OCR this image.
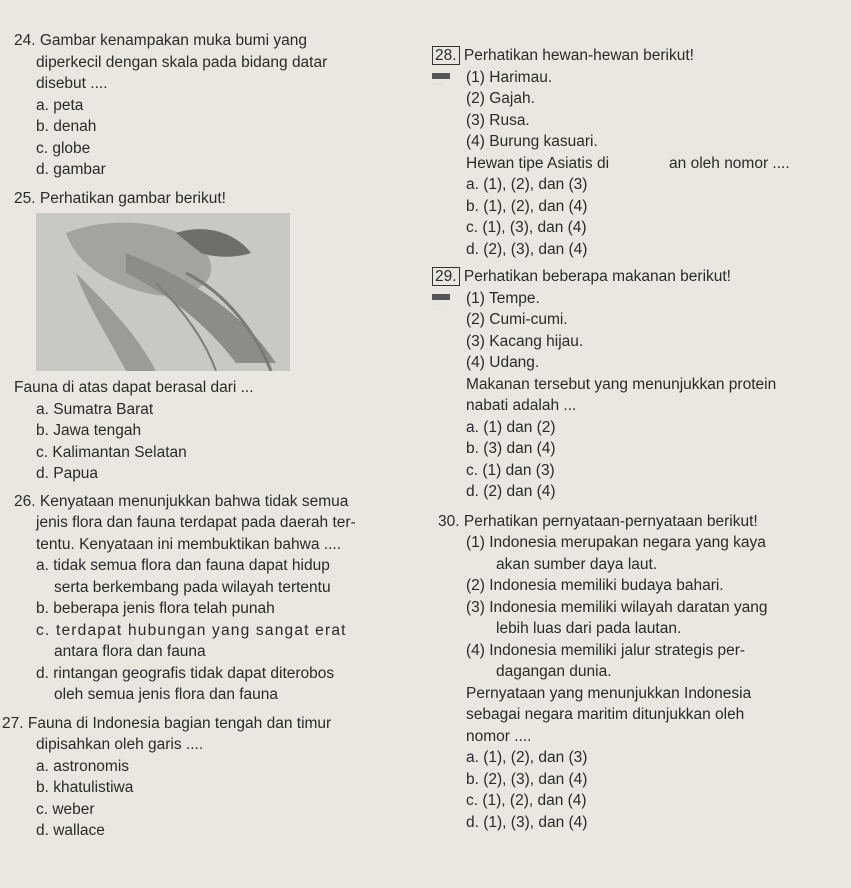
24. Gambar kenampakan muka bumi yang
diperkecil dengan skala pada bidang datar
disebut ....
a. peta
b. denah
c. globe
d. gambar
25. Perhatikan gambar berikut!
Fauna di atas dapat berasal dari ...
a. Sumatra Barat
b. Jawa tengah
c. Kalimantan Selatan
d. Papua
26. Kenyataan menunjukkan bahwa tidak semua
jenis flora dan fauna terdapat pada daerah ter-
tentu. Kenyataan ini membuktikan bahwa ....
a. tidak semua flora dan fauna dapat hidup
serta berkembang pada wilayah tertentu
b. beberapa jenis flora telah punah
c. terdapat hubungan yang sangat erat
antara flora dan fauna
d. rintangan geografis tidak dapat diterobos
oleh semua jenis flora dan fauna
27. Fauna di Indonesia bagian tengah dan timur
dipisahkan oleh garis ....
a. astronomis
b. khatulistiwa
c. weber
d. wallace
28. Perhatikan hewan-hewan berikut!
HOTS	(1) Harimau.
(2) Gajah.
(3) Rusa.
(4) Burung kasuari.
Hewan tipe Asiatis di	an oleh nomor ....
a. (1), (2), dan (3)
b. (1), (2), dan (4)
c. (1), (3), dan (4)
d. (2), (3), dan (4)
29. Perhatikan beberapa makanan berikut!
HOTS	(1) Tempe.
(2) Cumi-cumi.
(3) Kacang hijau.
(4) Udang.
Makanan tersebut yang menunjukkan protein
nabati adalah ...
a. (1) dan (2)
b. (3) dan (4)
c. (1) dan (3)
d. (2) dan (4)
30. Perhatikan pernyataan-pernyataan berikut!
(1) Indonesia merupakan negara yang kaya
akan sumber daya laut.
(2) Indonesia memiliki budaya bahari.
(3) Indonesia memiliki wilayah daratan yang
lebih luas dari pada lautan.
(4) Indonesia memiliki jalur strategis per-
dagangan dunia.
Pernyataan yang menunjukkan Indonesia
sebagai negara maritim ditunjukkan oleh
nomor ....
a. (1), (2), dan (3)
b. (2), (3), dan (4)
c. (1), (2), dan (4)
d. (1), (3), dan (4)
